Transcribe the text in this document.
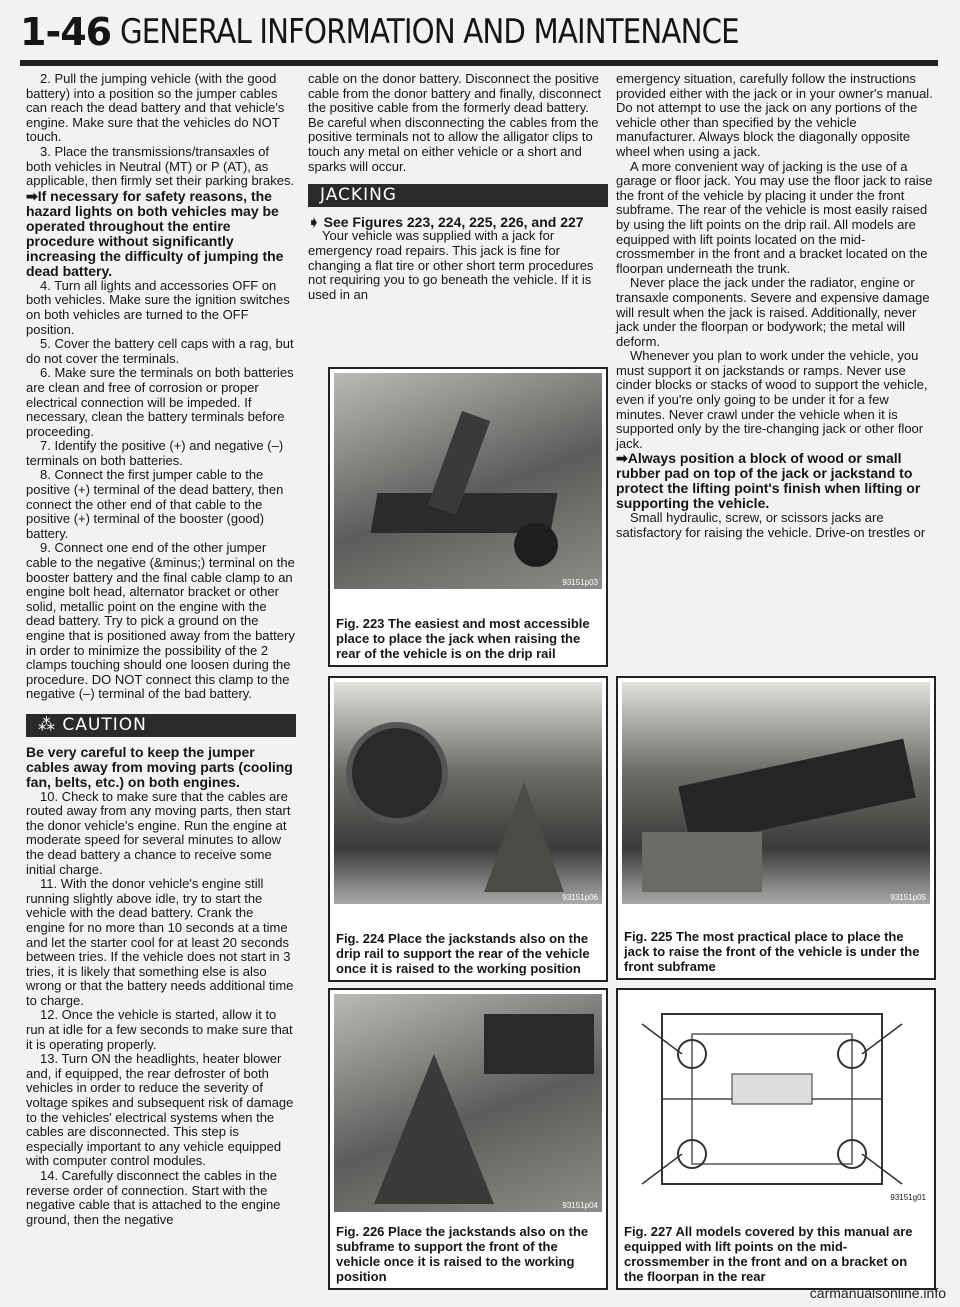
1-46 GENERAL INFORMATION AND MAINTENANCE

2. Pull the jumping vehicle (with the good battery) into a position so the jumper cables can reach the dead battery and that vehicle's engine. Make sure that the vehicles do NOT touch.

3. Place the transmissions/transaxles of both vehicles in Neutral (MT) or P (AT), as applicable, then firmly set their parking brakes.

➡If necessary for safety reasons, the hazard lights on both vehicles may be operated throughout the entire procedure without significantly increasing the difficulty of jumping the dead battery.

4. Turn all lights and accessories OFF on both vehicles. Make sure the ignition switches on both vehicles are turned to the OFF position.

5. Cover the battery cell caps with a rag, but do not cover the terminals.

6. Make sure the terminals on both batteries are clean and free of corrosion or proper electrical connection will be impeded. If necessary, clean the battery terminals before proceeding.

7. Identify the positive (+) and negative (–) terminals on both batteries.

8. Connect the first jumper cable to the positive (+) terminal of the dead battery, then connect the other end of that cable to the positive (+) terminal of the booster (good) battery.

9. Connect one end of the other jumper cable to the negative (&minus;) terminal on the booster battery and the final cable clamp to an engine bolt head, alternator bracket or other solid, metallic point on the engine with the dead battery. Try to pick a ground on the engine that is positioned away from the battery in order to minimize the possibility of the 2 clamps touching should one loosen during the procedure. DO NOT connect this clamp to the negative (–) terminal of the bad battery.

⁂ CAUTION

Be very careful to keep the jumper cables away from moving parts (cooling fan, belts, etc.) on both engines.

10. Check to make sure that the cables are routed away from any moving parts, then start the donor vehicle's engine. Run the engine at moderate speed for several minutes to allow the dead battery a chance to receive some initial charge.

11. With the donor vehicle's engine still running slightly above idle, try to start the vehicle with the dead battery. Crank the engine for no more than 10 seconds at a time and let the starter cool for at least 20 seconds between tries. If the vehicle does not start in 3 tries, it is likely that something else is also wrong or that the battery needs additional time to charge.

12. Once the vehicle is started, allow it to run at idle for a few seconds to make sure that it is operating properly.

13. Turn ON the headlights, heater blower and, if equipped, the rear defroster of both vehicles in order to reduce the severity of voltage spikes and subsequent risk of damage to the vehicles' electrical systems when the cables are disconnected. This step is especially important to any vehicle equipped with computer control modules.

14. Carefully disconnect the cables in the reverse order of connection. Start with the negative cable that is attached to the engine ground, then the negative

cable on the donor battery. Disconnect the positive cable from the donor battery and finally, disconnect the positive cable from the formerly dead battery. Be careful when disconnecting the cables from the positive terminals not to allow the alligator clips to touch any metal on either vehicle or a short and sparks will occur.

JACKING

➧ See Figures 223, 224, 225, 226, and 227

Your vehicle was supplied with a jack for emergency road repairs. This jack is fine for changing a flat tire or other short term procedures not requiring you to go beneath the vehicle. If it is used in an

emergency situation, carefully follow the instructions provided either with the jack or in your owner's manual. Do not attempt to use the jack on any portions of the vehicle other than specified by the vehicle manufacturer. Always block the diagonally opposite wheel when using a jack.

A more convenient way of jacking is the use of a garage or floor jack. You may use the floor jack to raise the front of the vehicle by placing it under the front subframe. The rear of the vehicle is most easily raised by using the lift points on the drip rail. All models are equipped with lift points located on the mid- crossmember in the front and a bracket located on the floorpan underneath the trunk.

Never place the jack under the radiator, engine or transaxle components. Severe and expensive damage will result when the jack is raised. Additionally, never jack under the floorpan or bodywork; the metal will deform.

Whenever you plan to work under the vehicle, you must support it on jackstands or ramps. Never use cinder blocks or stacks of wood to support the vehicle, even if you're only going to be under it for a few minutes. Never crawl under the vehicle when it is supported only by the tire-changing jack or other floor jack.

➡Always position a block of wood or small rubber pad on top of the jack or jackstand to protect the lifting point's finish when lifting or supporting the vehicle.

Small hydraulic, screw, or scissors jacks are satisfactory for raising the vehicle. Drive-on trestles or

93151p03
Fig. 223 The easiest and most accessible place to place the jack when raising the rear of the vehicle is on the drip rail
93151p06
Fig. 224 Place the jackstands also on the drip rail to support the rear of the vehicle once it is raised to the working position
93151p05
Fig. 225 The most practical place to place the jack to raise the front of the vehicle is under the front subframe
93151p04
Fig. 226 Place the jackstands also on the subframe to support the front of the vehicle once it is raised to the working position
93151g01
Fig. 227 All models covered by this manual are equipped with lift points on the mid-crossmember in the front and on a bracket on the floorpan in the rear
carmanualsonline.info
